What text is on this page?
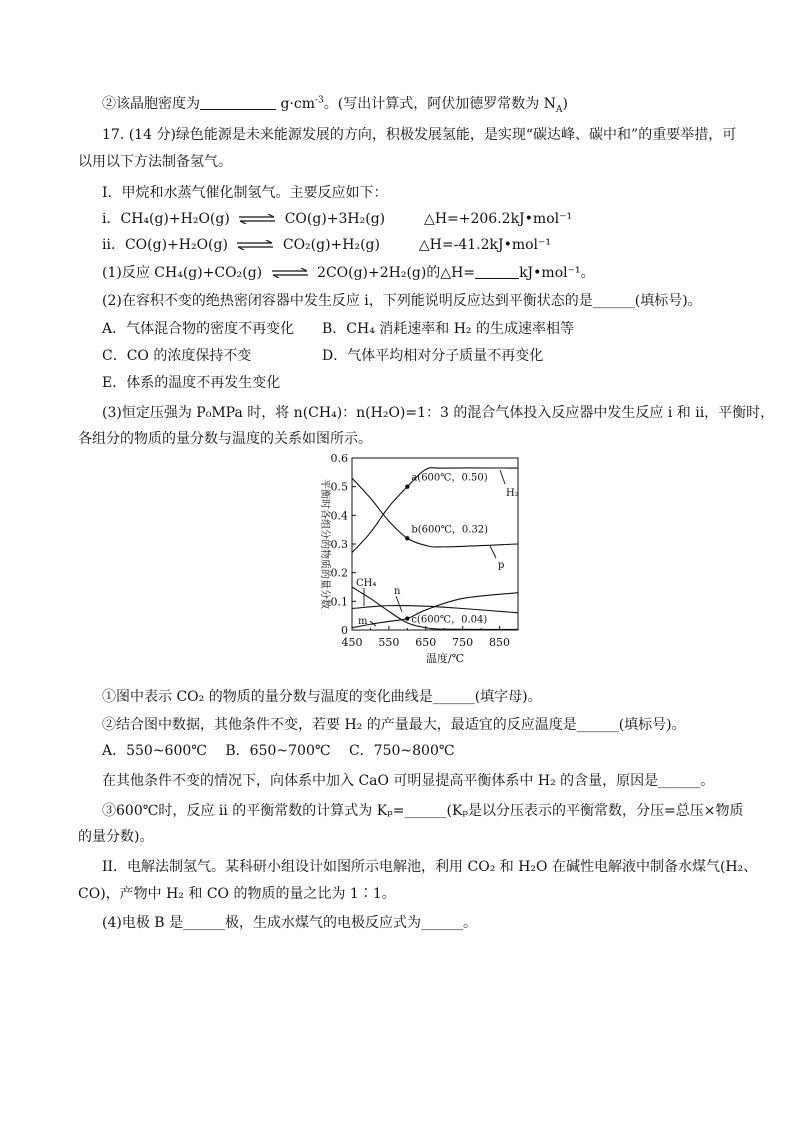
②该晶胞密度为	$g\cdot cm^{-3}$。(写出计算式，阿伏加德罗常数为 $N_A$)
17. (14 分)绿色能源是未来能源发展的方向，积极发展氢能，是实现“碳达峰、碳中和”的重要举措，可
以用以下方法制备氢气。
I．甲烷和水蒸气催化制氢气。主要反应如下：
i．CH₄(g)+H₂O(g) ⇌ CO(g)+3H₂(g)	△H=+206.2kJ•mol⁻¹
ii．CO(g)+H₂O(g) ⇌ CO₂(g)+H₂(g)	△H=-41.2kJ•mol⁻¹
(1)反应 CH₄(g)+CO₂(g) ⇌ 2CO(g)+2H₂(g)的△H=	kJ•mol⁻¹。
(2)在容积不变的绝热密闭容器中发生反应 i，下列能说明反应达到平衡状态的是______(填标号)。
A．气体混合物的密度不再变化 B．CH₄ 消耗速率和 H₂ 的生成速率相等
C．CO 的浓度保持不变	D．气体平均相对分子质量不再变化
E．体系的温度不再发生变化
(3)恒定压强为 P₀MPa 时，将 n(CH₄)：n(H₂O)=1：3 的混合气体投入反应器中发生反应 i 和 ii，平衡时，
各组分的物质的量分数与温度的关系如图所示。
0
0.1
0.2
0.3
0.4
0.5
0.6
450 550 650 750 850
温度/℃
平衡时各组分的物质的量分数	H₂
p
CH₄
n
m
a(600℃，0.50)
b(600℃，0.32)
c(600℃，0.04)
①图中表示 CO₂ 的物质的量分数与温度的变化曲线是______(填字母)。
②结合图中数据，其他条件不变，若要 H₂ 的产量最大，最适宜的反应温度是______(填标号)。
A．550~600℃　 B．650~700℃　 C．750~800℃
在其他条件不变的情况下，向体系中加入 CaO 可明显提高平衡体系中 H₂ 的含量，原因是______。
③600℃时，反应 ii 的平衡常数的计算式为 Kₚ=______(Kₚ是以分压表示的平衡常数，分压=总压×物质
的量分数)。
II．电解法制氢气。某科研小组设计如图所示电解池，利用 CO₂ 和 H₂O 在碱性电解液中制备水煤气(H₂、
CO)，产物中 H₂ 和 CO 的物质的量之比为 1∶1。
(4)电极 B 是______极，生成水煤气的电极反应式为______。
